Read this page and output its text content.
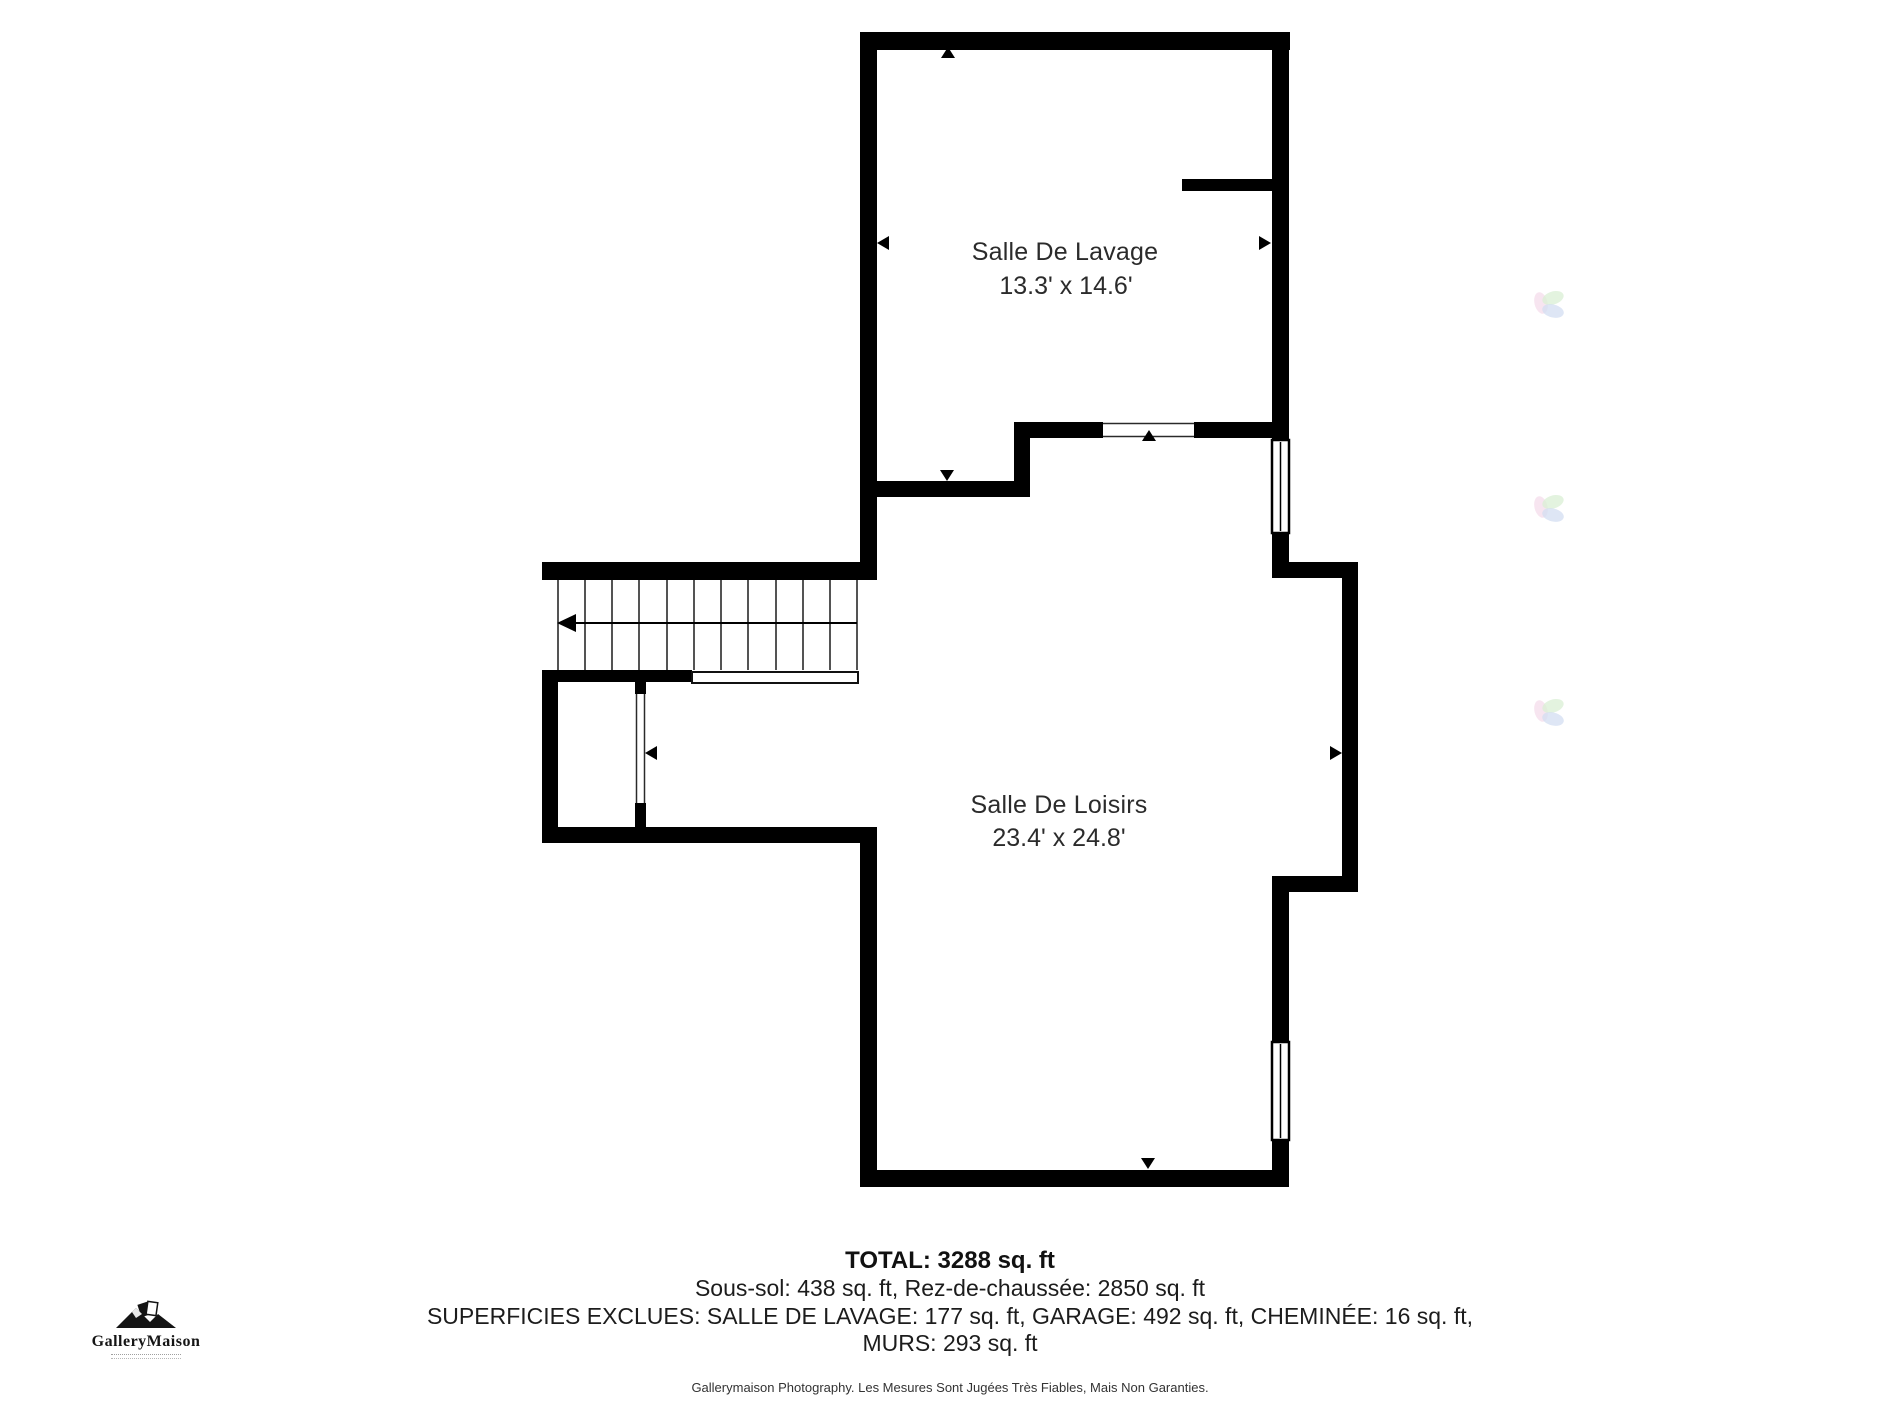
Salle De Lavage
13.3' x 14.6'
Salle De Loisirs
23.4' x 24.8'
TOTAL: 3288 sq. ft
Sous-sol: 438 sq. ft, Rez-de-chaussée: 2850 sq. ft
SUPERFICIES EXCLUES: SALLE DE LAVAGE: 177 sq. ft, GARAGE: 492 sq. ft, CHEMINÉE: 16 sq. ft,
MURS: 293 sq. ft
Gallerymaison Photography. Les Mesures Sont Jugées Très Fiables, Mais Non Garanties.
GalleryMaison
